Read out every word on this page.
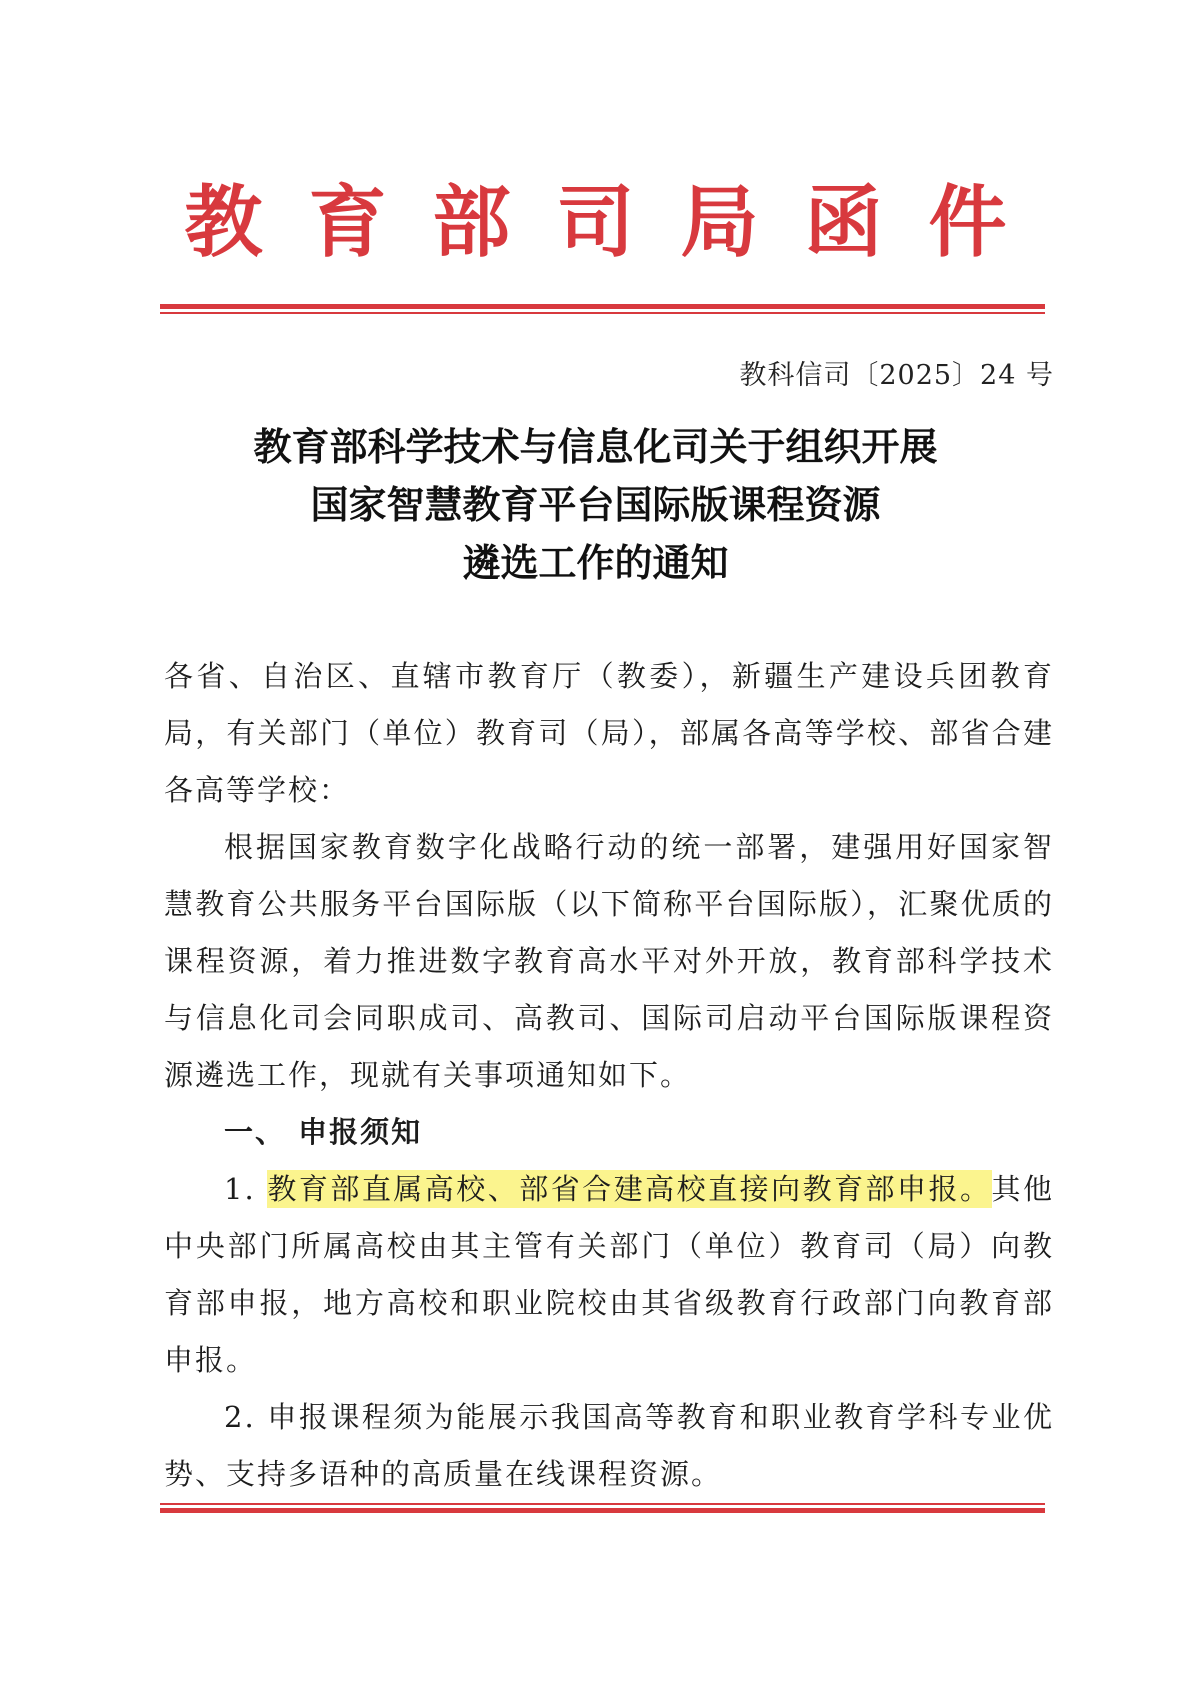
教育部司局函件
教科信司〔2025〕24 号
教育部科学技术与信息化司关于组织开展
国家智慧教育平台国际版课程资源
遴选工作的通知

各省、自治区、直辖市教育厅（教委），新疆生产建设兵团教育局，有关部门（单位）教育司（局），部属各高等学校、部省合建各高等学校：

根据国家教育数字化战略行动的统一部署，建强用好国家智慧教育公共服务平台国际版（以下简称平台国际版），汇聚优质的课程资源，着力推进数字教育高水平对外开放，教育部科学技术与信息化司会同职成司、高教司、国际司启动平台国际版课程资源遴选工作，现就有关事项通知如下。

一、 申报须知

1. 教育部直属高校、部省合建高校直接向教育部申报。其他中央部门所属高校由其主管有关部门（单位）教育司（局）向教育部申报，地方高校和职业院校由其省级教育行政部门向教育部申报。

2. 申报课程须为能展示我国高等教育和职业教育学科专业优势、支持多语种的高质量在线课程资源。
